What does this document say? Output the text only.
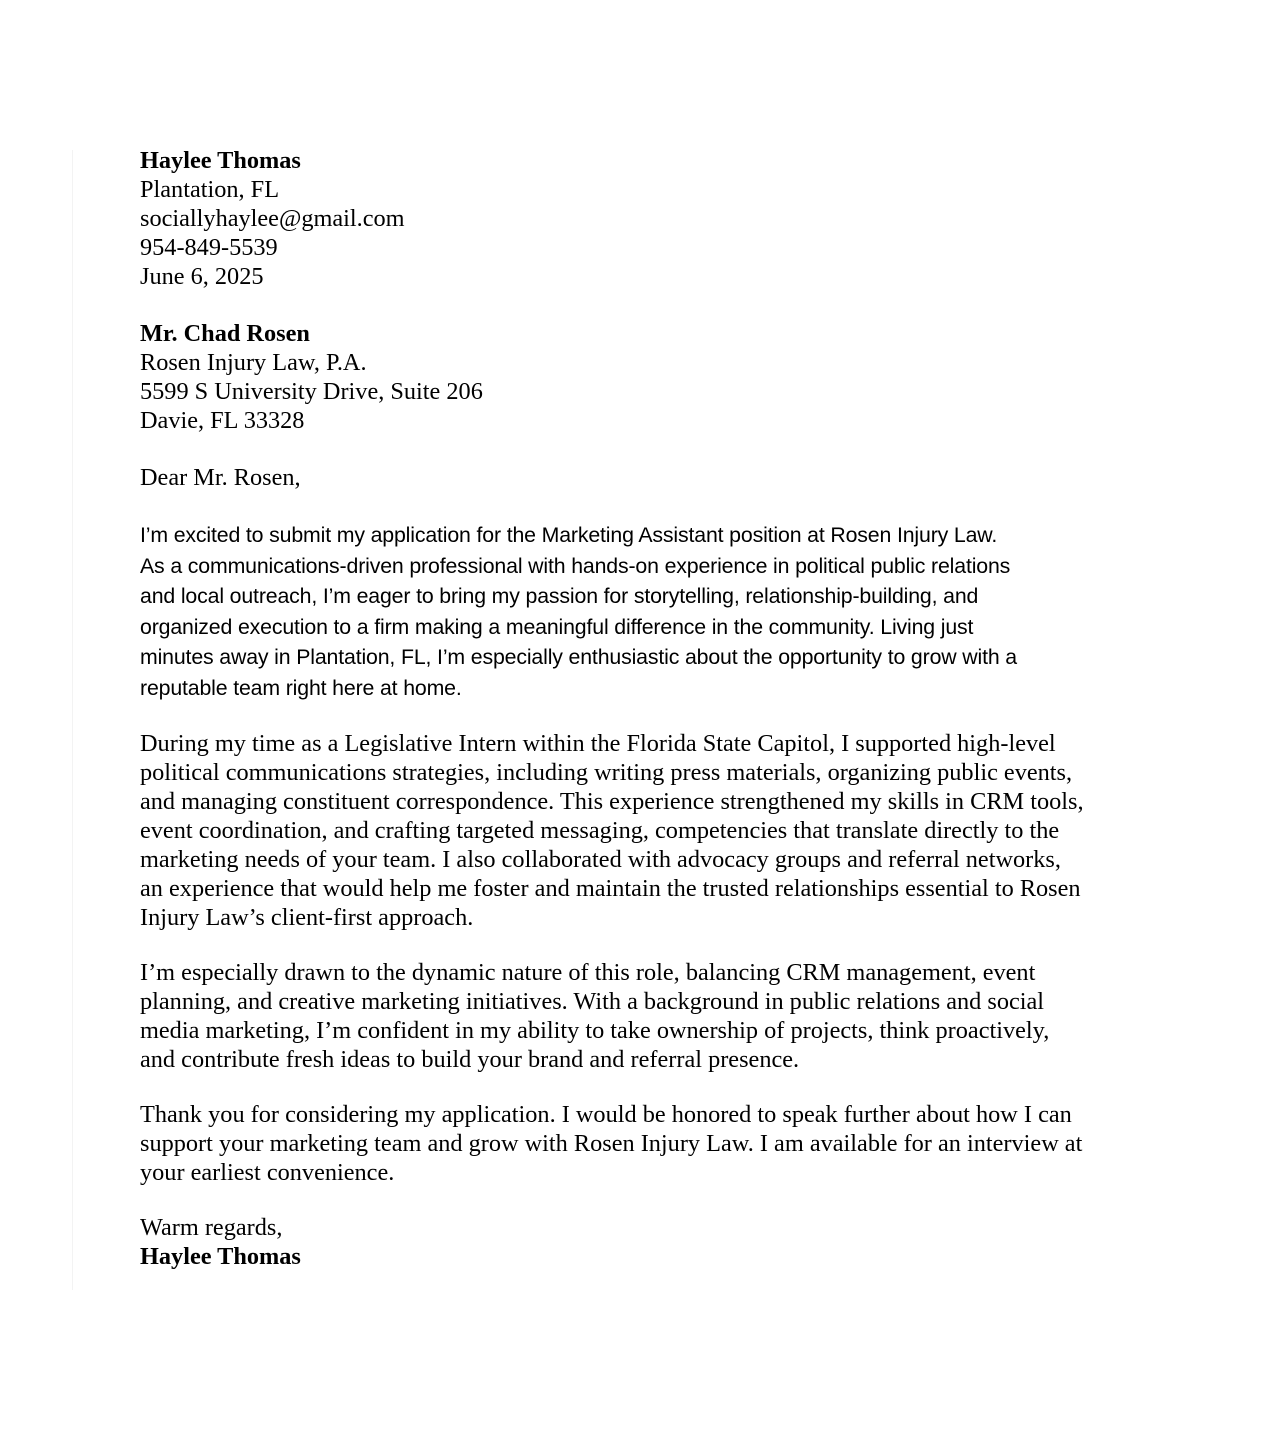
Haylee Thomas
Plantation, FL
sociallyhaylee@gmail.com
954-849-5539
June 6, 2025
Mr. Chad Rosen
Rosen Injury Law, P.A.
5599 S University Drive, Suite 206
Davie, FL 33328
Dear Mr. Rosen,
I’m excited to submit my application for the Marketing Assistant position at Rosen Injury Law.
As a communications-driven professional with hands-on experience in political public relations
and local outreach, I’m eager to bring my passion for storytelling, relationship-building, and
organized execution to a firm making a meaningful difference in the community. Living just
minutes away in Plantation, FL, I’m especially enthusiastic about the opportunity to grow with a
reputable team right here at home.
During my time as a Legislative Intern within the Florida State Capitol, I supported high-level
political communications strategies, including writing press materials, organizing public events,
and managing constituent correspondence. This experience strengthened my skills in CRM tools,
event coordination, and crafting targeted messaging, competencies that translate directly to the
marketing needs of your team. I also collaborated with advocacy groups and referral networks,
an experience that would help me foster and maintain the trusted relationships essential to Rosen
Injury Law’s client-first approach.
I’m especially drawn to the dynamic nature of this role, balancing CRM management, event
planning, and creative marketing initiatives. With a background in public relations and social
media marketing, I’m confident in my ability to take ownership of projects, think proactively,
and contribute fresh ideas to build your brand and referral presence.
Thank you for considering my application. I would be honored to speak further about how I can
support your marketing team and grow with Rosen Injury Law. I am available for an interview at
your earliest convenience.
Warm regards,
Haylee Thomas
